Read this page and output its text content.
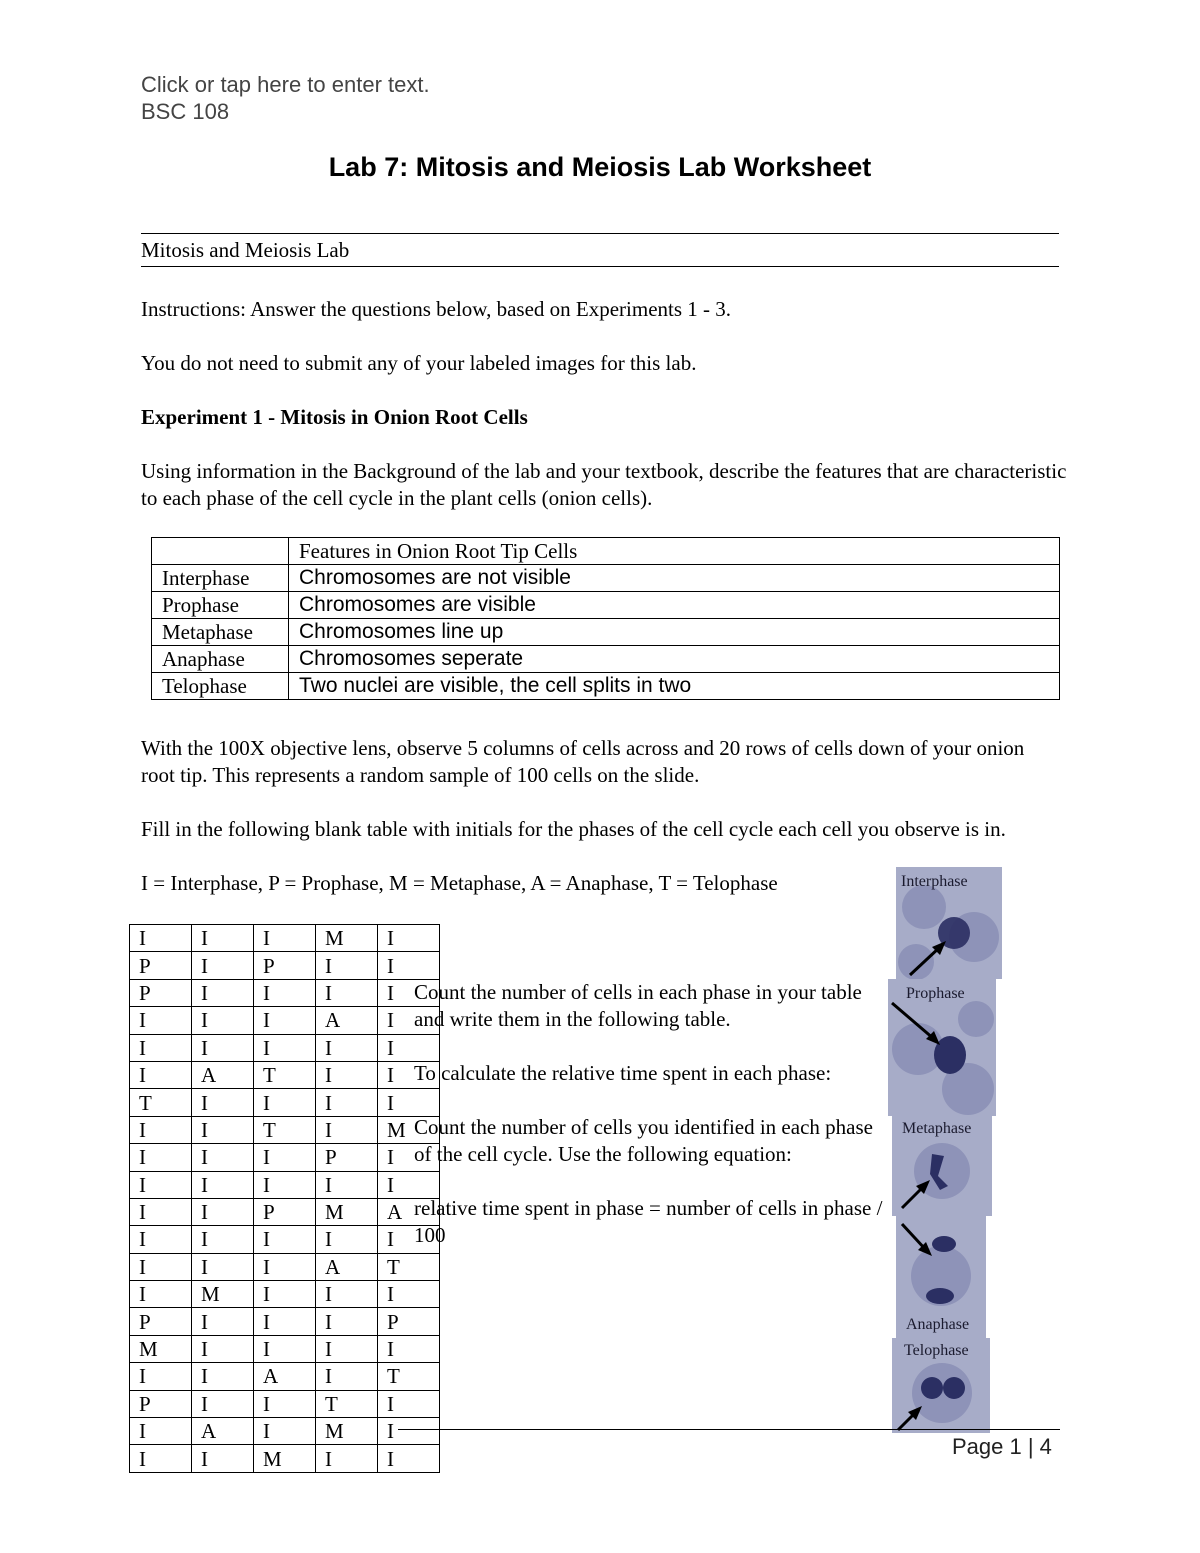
Click or tap here to enter text.
BSC 108
Lab 7: Mitosis and Meiosis Lab Worksheet
Mitosis and Meiosis Lab
Instructions: Answer the questions below, based on Experiments 1 - 3.
You do not need to submit any of your labeled images for this lab.
Experiment 1 - Mitosis in Onion Root Cells
Using information in the Background of the lab and your textbook, describe the features that are characteristic to each phase of the cell cycle in the plant cells (onion cells).
	Features in Onion Root Tip Cells
Interphase	Chromosomes are not visible
Prophase	Chromosomes are visible
Metaphase	Chromosomes line up
Anaphase	Chromosomes seperate
Telophase	Two nuclei are visible, the cell splits in two
With the 100X objective lens, observe 5 columns of cells across and 20 rows of cells down of your onion root tip. This represents a random sample of 100 cells on the slide.
Fill in the following blank table with initials for the phases of the cell cycle each cell you observe is in.
I = Interphase, P = Prophase, M = Metaphase, A = Anaphase, T = Telophase
I	I	I	M	I
P	I	P	I	I
P	I	I	I	I
I	I	I	A	I
I	I	I	I	I
I	A	T	I	I
T	I	I	I	I
I	I	T	I	M
I	I	I	P	I
I	I	I	I	I
I	I	P	M	A
I	I	I	I	I
I	I	I	A	T
I	M	I	I	I
P	I	I	I	P
M	I	I	I	I
I	I	A	I	T
P	I	I	T	I
I	A	I	M	I
I	I	M	I	I
Count the number of cells in each phase in your table and write them in the following table.
To calculate the relative time spent in each phase:
Count the number of cells you identified in each phase of the cell cycle. Use the following equation:
relative time spent in phase = number of cells in phase / 100
Interphase
Prophase
Metaphase
Anaphase
Telophase
Page 1 | 4
